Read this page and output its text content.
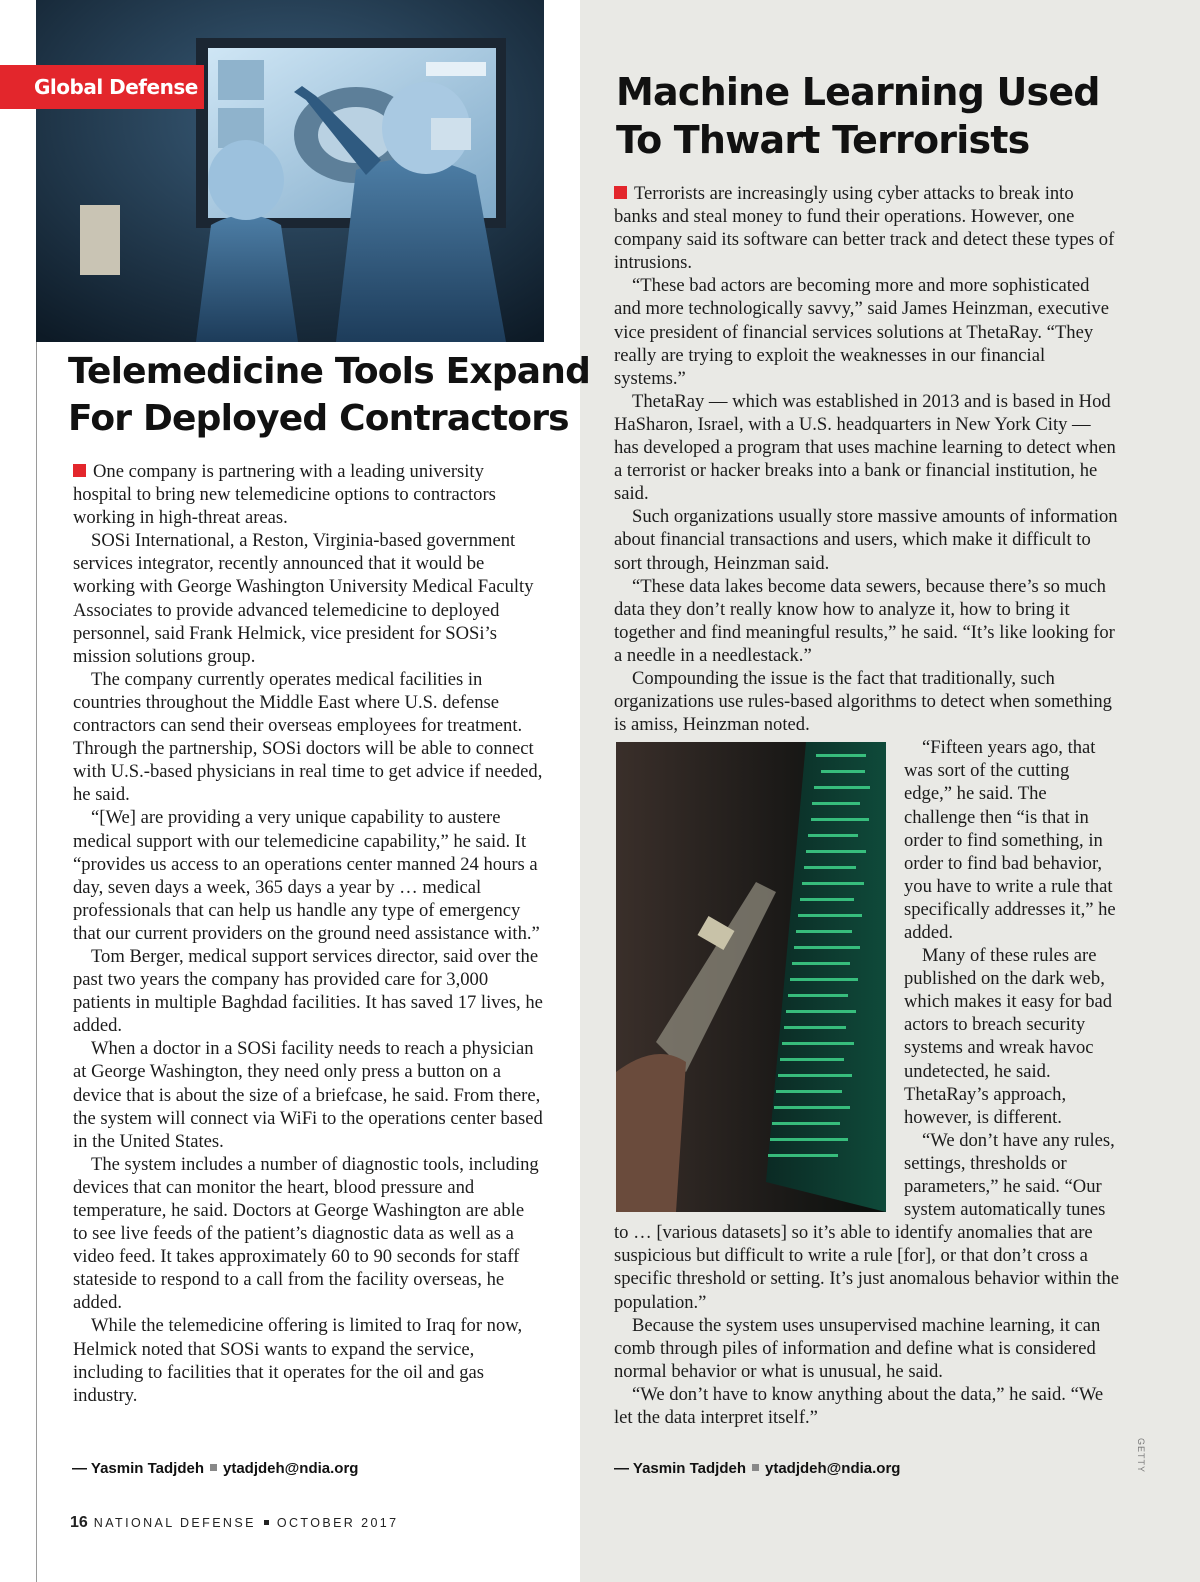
Global Defense
Telemedicine Tools Expand
For Deployed Contractors

One company is partnering with a leading university hospital to bring new telemedicine options to contractors working in high-threat areas.

SOSi International, a Reston, Virginia-based government services integrator, recently announced that it would be working with George Washington University Medical Faculty Associates to provide advanced telemedicine to deployed personnel, said Frank Helmick, vice president for SOSi’s mission solutions group.

The company currently operates medical facilities in countries throughout the Middle East where U.S. defense contractors can send their overseas employees for treatment. Through the partnership, SOSi doctors will be able to connect with U.S.-based physicians in real time to get advice if needed, he said.

“[We] are providing a very unique capability to austere medical support with our telemedicine capability,” he said. It “provides us access to an operations center manned 24 hours a day, seven days a week, 365 days a year by … medical professionals that can help us handle any type of emergency that our current providers on the ground need assistance with.”

Tom Berger, medical support services director, said over the past two years the company has provided care for 3,000 patients in multiple Baghdad facilities. It has saved 17 lives, he added.

When a doctor in a SOSi facility needs to reach a physician at George Washington, they need only press a button on a device that is about the size of a briefcase, he said. From there, the system will connect via WiFi to the operations center based in the United States.

The system includes a number of diagnostic tools, including devices that can monitor the heart, blood pressure and temperature, he said. Doctors at George Washington are able to see live feeds of the patient’s diagnostic data as well as a video feed. It takes approximately 60 to 90 seconds for staff stateside to respond to a call from the facility overseas, he added.

While the telemedicine offering is limited to Iraq for now, Helmick noted that SOSi wants to expand the service, including to facilities that it operates for the oil and gas industry.

— Yasmin Tadjdeh ytadjdeh@ndia.org
Machine Learning Used
To Thwart Terrorists

Terrorists are increasingly using cyber attacks to break into banks and steal money to fund their operations. However, one company said its software can better track and detect these types of intrusions.

“These bad actors are becoming more and more sophisticated and more technologically savvy,” said James Heinzman, executive vice president of financial services solutions at ThetaRay. “They really are trying to exploit the weaknesses in our financial systems.”

ThetaRay — which was established in 2013 and is based in Hod HaSharon, Israel, with a U.S. headquarters in New York City — has developed a program that uses machine learning to detect when a terrorist or hacker breaks into a bank or financial institution, he said.

Such organizations usually store massive amounts of information about financial transactions and users, which make it difficult to sort through, Heinzman said.

“These data lakes become data sewers, because there’s so much data they don’t really know how to analyze it, how to bring it together and find meaningful results,” he said. “It’s like looking for a needle in a needlestack.”

Compounding the issue is the fact that traditionally, such organizations use rules-based algorithms to detect when something is amiss, Heinzman noted.

“Fifteen years ago, that was sort of the cutting edge,” he said. The challenge then “is that in order to find something, in order to find bad behavior, you have to write a rule that specifically addresses it,” he added.

Many of these rules are published on the dark web, which makes it easy for bad actors to breach security systems and wreak havoc undetected, he said. ThetaRay’s approach, however, is different.

“We don’t have any rules, settings, thresholds or parameters,” he said. “Our system automatically tunes to … [various datasets] so it’s able to identify anomalies that are suspicious but difficult to write a rule [for], or that don’t cross a specific threshold or setting. It’s just anomalous behavior within the population.”

Because the system uses unsupervised machine learning, it can comb through piles of information and define what is considered normal behavior or what is unusual, he said.

“We don’t have to know anything about the data,” he said. “We let the data interpret itself.”

— Yasmin Tadjdeh ytadjdeh@ndia.org	GETTY
16 NATIONAL DEFENSE OCTOBER 2017
